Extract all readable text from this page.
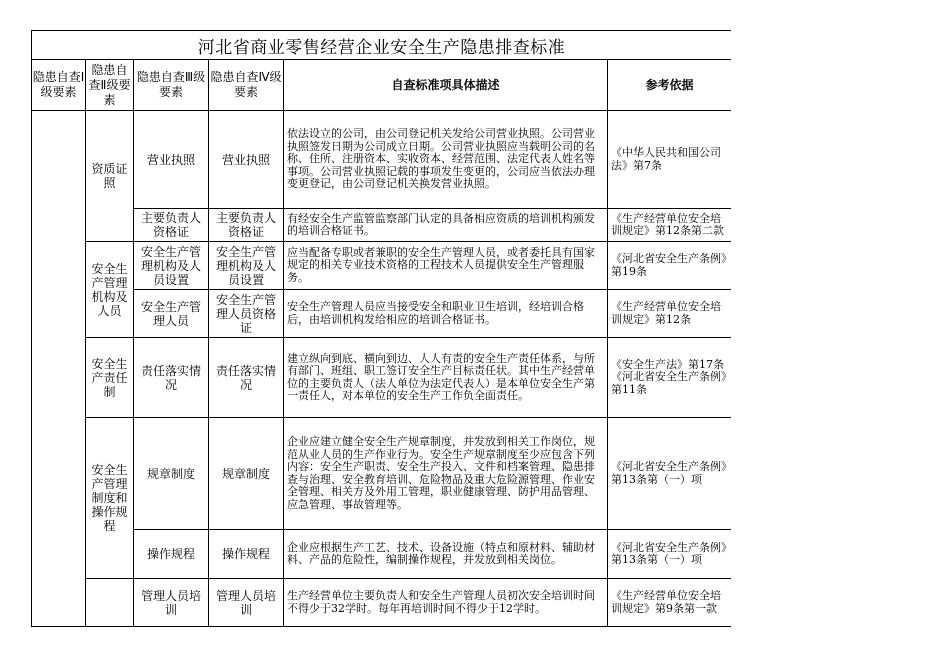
河北省商业零售经营企业安全生产隐患排查标准					
隐患自查Ⅰ级要素	隐患自查Ⅱ级要素	隐患自查Ⅲ级要素	隐患自查Ⅳ级要素	自查标准项具体描述	参考依据
	资质证照	营业执照	营业执照	依法设立的公司，由公司登记机关发给公司营业执照。公司营业执照签发日期为公司成立日期。公司营业执照应当载明公司的名称、住所、注册资本、实收资本、经营范围、法定代表人姓名等事项。公司营业执照记载的事项发生变更的，公司应当依法办理变更登记，由公司登记机关换发营业执照。	《中华人民共和国公司法》第7条
		主要负责人资格证	主要负责人资格证	有经安全生产监管监察部门认定的具备相应资质的培训机构颁发的培训合格证书。	《生产经营单位安全培训规定》第12条第二款
	安全生产管理机构及人员	安全生产管理机构及人员设置	安全生产管理机构及人员设置	应当配备专职或者兼职的安全生产管理人员，或者委托具有国家规定的相关专业技术资格的工程技术人员提供安全生产管理服务。	《河北省安全生产条例》第19条
		安全生产管理人员	安全生产管理人员资格证	安全生产管理人员应当接受安全和职业卫生培训，经培训合格后，由培训机构发给相应的培训合格证书。	《生产经营单位安全培训规定》第12条
	安全生产责任制	责任落实情况	责任落实情况	建立纵向到底、横向到边、人人有责的安全生产责任体系，与所有部门、班组、职工签订安全生产目标责任状。其中生产经营单位的主要负责人（法人单位为法定代表人）是本单位安全生产第一责任人，对本单位的安全生产工作负全面责任。	《安全生产法》第17条《河北省安全生产条例》第11条
	安全生产管理制度和操作规程	规章制度	规章制度	企业应建立健全安全生产规章制度，并发放到相关工作岗位，规范从业人员的生产作业行为。安全生产规章制度至少应包含下列内容：安全生产职责、安全生产投入、文件和档案管理、隐患排查与治理、安全教育培训、危险物品及重大危险源管理、作业安全管理、相关方及外用工管理，职业健康管理、防护用品管理、应急管理、事故管理等。	《河北省安全生产条例》第13条第（一）项
		操作规程	操作规程	企业应根据生产工艺、技术、设备设施（特点和原材料、辅助材料、产品的危险性，编制操作规程，并发放到相关岗位。	《河北省安全生产条例》第13条第（一）项
		管理人员培训	管理人员培训	生产经营单位主要负责人和安全生产管理人员初次安全培训时间不得少于32学时。每年再培训时间不得少于12学时。	《生产经营单位安全培训规定》第9条第一款
